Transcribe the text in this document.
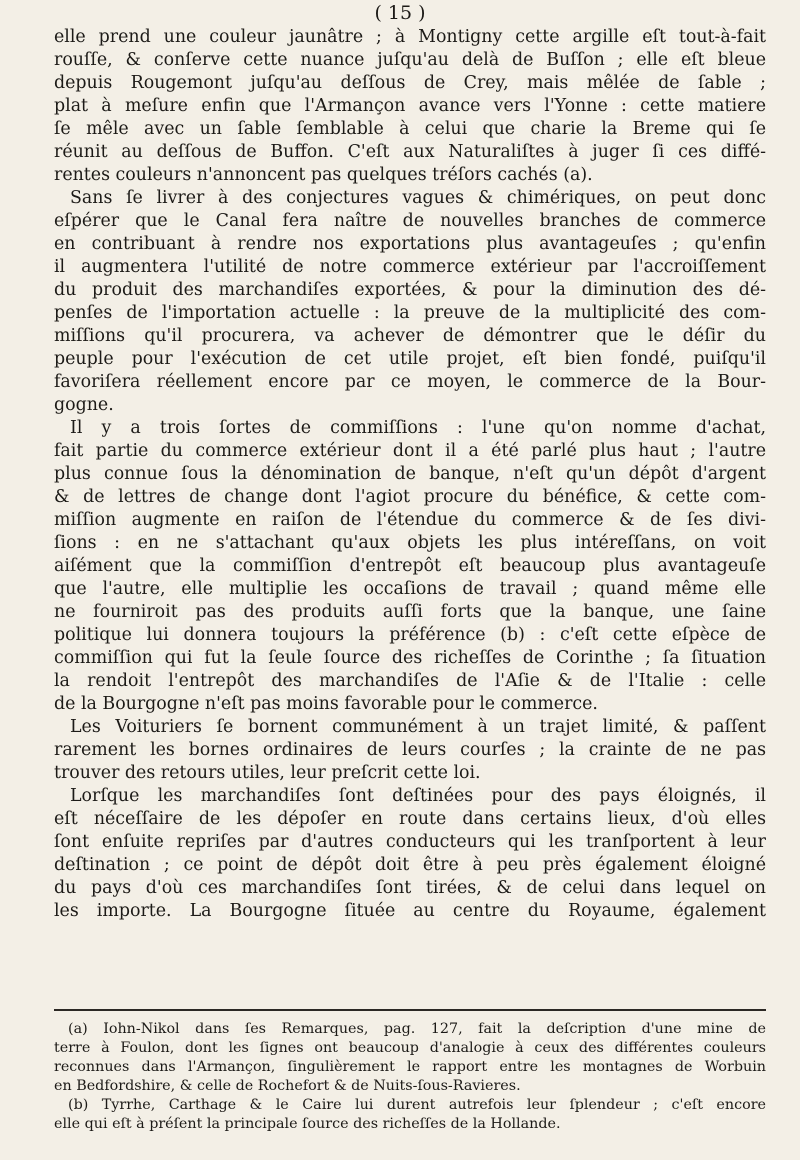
( 15 )
elle prend une couleur jaunâtre ; à Montigny cette argille eſt tout-à-fait
rouſſe, & conſerve cette nuance juſqu'au delà de Buſſon ; elle eſt bleue
depuis Rougemont juſqu'au deſſous de Crey, mais mêlée de ſable ;
plat à meſure enfin que l'Armançon avance vers l'Yonne : cette matiere
ſe mêle avec un ſable ſemblable à celui que charie la Breme qui ſe
réunit au deſſous de Buffon. C'eſt aux Naturaliſtes à juger ſi ces diffé-
rentes couleurs n'annoncent pas quelques tréſors cachés (a).
Sans ſe livrer à des conjectures vagues & chimériques, on peut donc
eſpérer que le Canal fera naître de nouvelles branches de commerce
en contribuant à rendre nos exportations plus avantageuſes ; qu'enfin
il augmentera l'utilité de notre commerce extérieur par l'accroiſſement
du produit des marchandiſes exportées, & pour la diminution des dé-
penſes de l'importation actuelle : la preuve de la multiplicité des com-
miſſions qu'il procurera, va achever de démontrer que le déſir du
peuple pour l'exécution de cet utile projet, eſt bien fondé, puiſqu'il
favoriſera réellement encore par ce moyen, le commerce de la Bour-
gogne.
Il y a trois ſortes de commiſſions : l'une qu'on nomme d'achat,
fait partie du commerce extérieur dont il a été parlé plus haut ; l'autre
plus connue ſous la dénomination de banque, n'eſt qu'un dépôt d'argent
& de lettres de change dont l'agiot procure du bénéfice, & cette com-
miſſion augmente en raiſon de l'étendue du commerce & de ſes divi-
ſions : en ne s'attachant qu'aux objets les plus intéreſſans, on voit
aiſément que la commiſſion d'entrepôt eſt beaucoup plus avantageuſe
que l'autre, elle multiplie les occaſions de travail ; quand même elle
ne fourniroit pas des produits auſſi forts que la banque, une ſaine
politique lui donnera toujours la préférence (b) : c'eſt cette eſpèce de
commiſſion qui fut la ſeule ſource des richeſſes de Corinthe ; ſa ſituation
la rendoit l'entrepôt des marchandiſes de l'Aſie & de l'Italie : celle
de la Bourgogne n'eſt pas moins favorable pour le commerce.
Les Voituriers ſe bornent communément à un trajet limité, & paſſent
rarement les bornes ordinaires de leurs courſes ; la crainte de ne pas
trouver des retours utiles, leur preſcrit cette loi.
Lorſque les marchandiſes ſont deſtinées pour des pays éloignés, il
eſt néceſſaire de les dépoſer en route dans certains lieux, d'où elles
ſont enſuite repriſes par d'autres conducteurs qui les tranſportent à leur
deſtination ; ce point de dépôt doit être à peu près également éloigné
du pays d'où ces marchandiſes ſont tirées, & de celui dans lequel on
les importe. La Bourgogne ſituée au centre du Royaume, également
(a) Iohn-Nikol dans ſes Remarques, pag. 127, fait la deſcription d'une mine de
terre à Foulon, dont les ſignes ont beaucoup d'analogie à ceux des différentes couleurs
reconnues dans l'Armançon, ſingulièrement le rapport entre les montagnes de Worbuin
en Bedfordshire, & celle de Rochefort & de Nuits-ſous-Ravieres.
(b) Tyrrhe, Carthage & le Caire lui durent autrefois leur ſplendeur ; c'eſt encore
elle qui eſt à préſent la principale ſource des richeſſes de la Hollande.
